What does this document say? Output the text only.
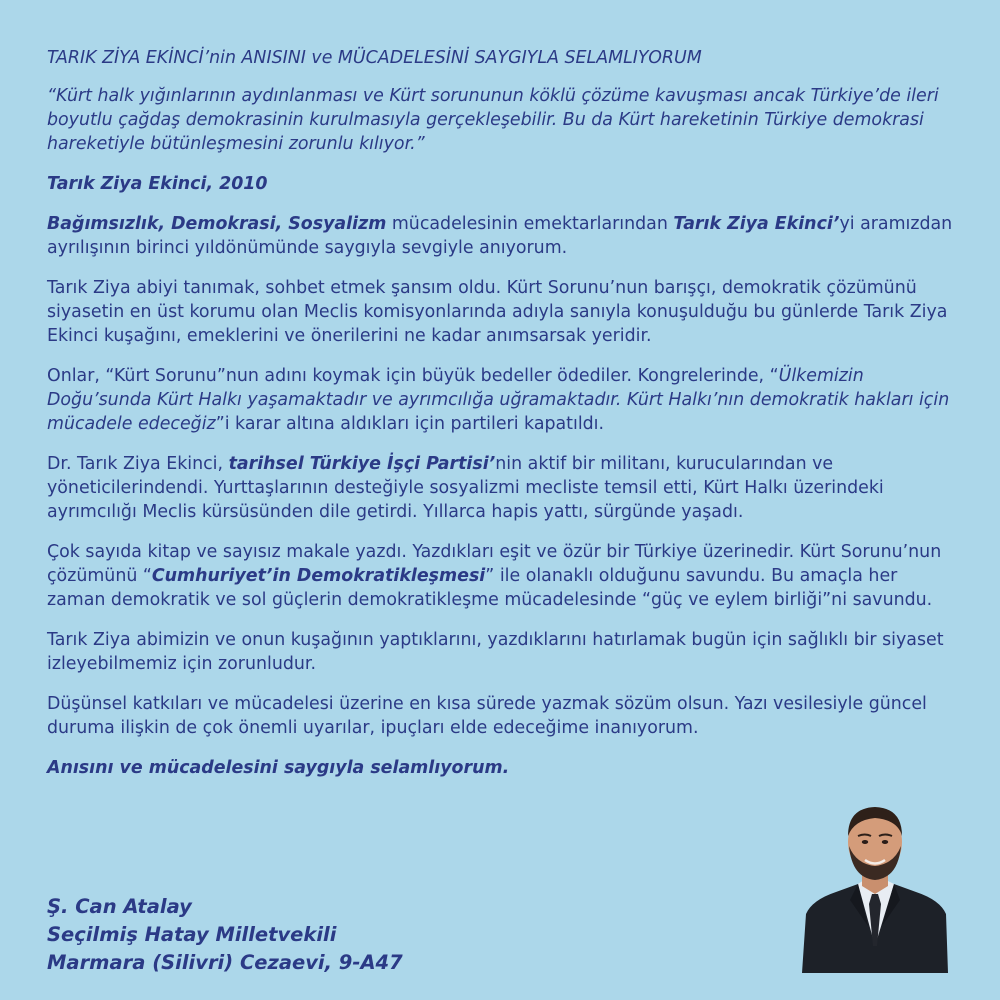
TARIK ZİYA EKİNCİ’nin ANISINI ve MÜCADELESİNİ SAYGIYLA SELAMLIYORUM
“Kürt halk yığınlarının aydınlanması ve Kürt sorununun köklü çözüme kavuşması ancak Türkiye’de ileri boyutlu çağdaş demokrasinin kurulmasıyla gerçekleşebilir. Bu da Kürt hareketinin Türkiye demokrasi hareketiyle bütünleşmesini zorunlu kılıyor.”
Tarık Ziya Ekinci, 2010
Bağımsızlık, Demokrasi, Sosyalizm mücadelesinin emektarlarından Tarık Ziya Ekinci’yi aramızdan ayrılışının birinci yıldönümünde saygıyla sevgiyle anıyorum.
Tarık Ziya abiyi tanımak, sohbet etmek şansım oldu. Kürt Sorunu’nun barışçı, demokratik çözümünü siyasetin en üst korumu olan Meclis komisyonlarında adıyla sanıyla konuşulduğu bu günlerde Tarık Ziya Ekinci kuşağını, emeklerini ve önerilerini ne kadar anımsarsak yeridir.
Onlar, “Kürt Sorunu”nun adını koymak için büyük bedeller ödediler. Kongrelerinde, “Ülkemizin Doğu’sunda Kürt Halkı yaşamaktadır ve ayrımcılığa uğramaktadır. Kürt Halkı’nın demokratik hakları için mücadele edeceğiz”i karar altına aldıkları için partileri kapatıldı.
Dr. Tarık Ziya Ekinci, tarihsel Türkiye İşçi Partisi’nin aktif bir militanı, kurucularından ve yöneticilerindendi. Yurttaşlarının desteğiyle sosyalizmi mecliste temsil etti, Kürt Halkı üzerindeki ayrımcılığı Meclis kürsüsünden dile getirdi. Yıllarca hapis yattı, sürgünde yaşadı.
Çok sayıda kitap ve sayısız makale yazdı. Yazdıkları eşit ve özür bir Türkiye üzerinedir. Kürt Sorunu’nun çözümünü “Cumhuriyet’in Demokratikleşmesi” ile olanaklı olduğunu savundu. Bu amaçla her zaman demokratik ve sol güçlerin demokratikleşme mücadelesinde “güç ve eylem birliği”ni savundu.
Tarık Ziya abimizin ve onun kuşağının yaptıklarını, yazdıklarını hatırlamak bugün için sağlıklı bir siyaset izleyebilmemiz için zorunludur.
Düşünsel katkıları ve mücadelesi üzerine en kısa sürede yazmak sözüm olsun. Yazı vesilesiyle güncel duruma ilişkin de çok önemli uyarılar, ipuçları elde edeceğime inanıyorum.
Anısını ve mücadelesini saygıyla selamlıyorum.
Ş. Can Atalay
Seçilmiş Hatay Milletvekili
Marmara (Silivri) Cezaevi, 9-A47
